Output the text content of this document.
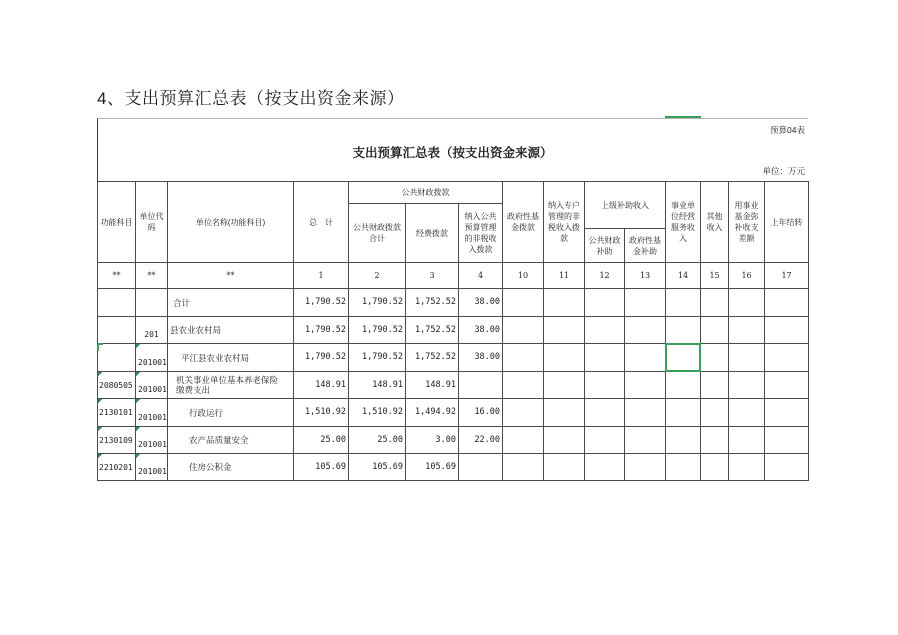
4、支出预算汇总表（按支出资金来源）
预算04表
支出预算汇总表（按支出资金来源）
单位：万元
功能科目	单位代码	单位名称(功能科目)	总　计	公共财政拨款			政府性基金拨款	纳入专户管理的非税收入拨款	上级补助收入		事业单位经营服务收入	其他收入	用事业基金弥补收支差额	上年结转
				公共财政拨款合计	经费拨款	纳入公共预算管理的非税收入拨款								
									公共财政补助	政府性基金补助				
**	**	**	1	2	3	4	10	11	12	13	14	15	16	17
		合计	1,790.52	1,790.52	1,752.52	38.00								
	201	县农业农村局	1,790.52	1,790.52	1,752.52	38.00								
	201001	平江县农业农村局	1,790.52	1,790.52	1,752.52	38.00								
2080505	201001	机关事业单位基本养老保险缴费支出	148.91	148.91	148.91									
2130101	201001	行政运行	1,510.92	1,510.92	1,494.92	16.00								
2130109	201001	农产品质量安全	25.00	25.00	3.00	22.00								
2210201	201001	住房公积金	105.69	105.69	105.69									
